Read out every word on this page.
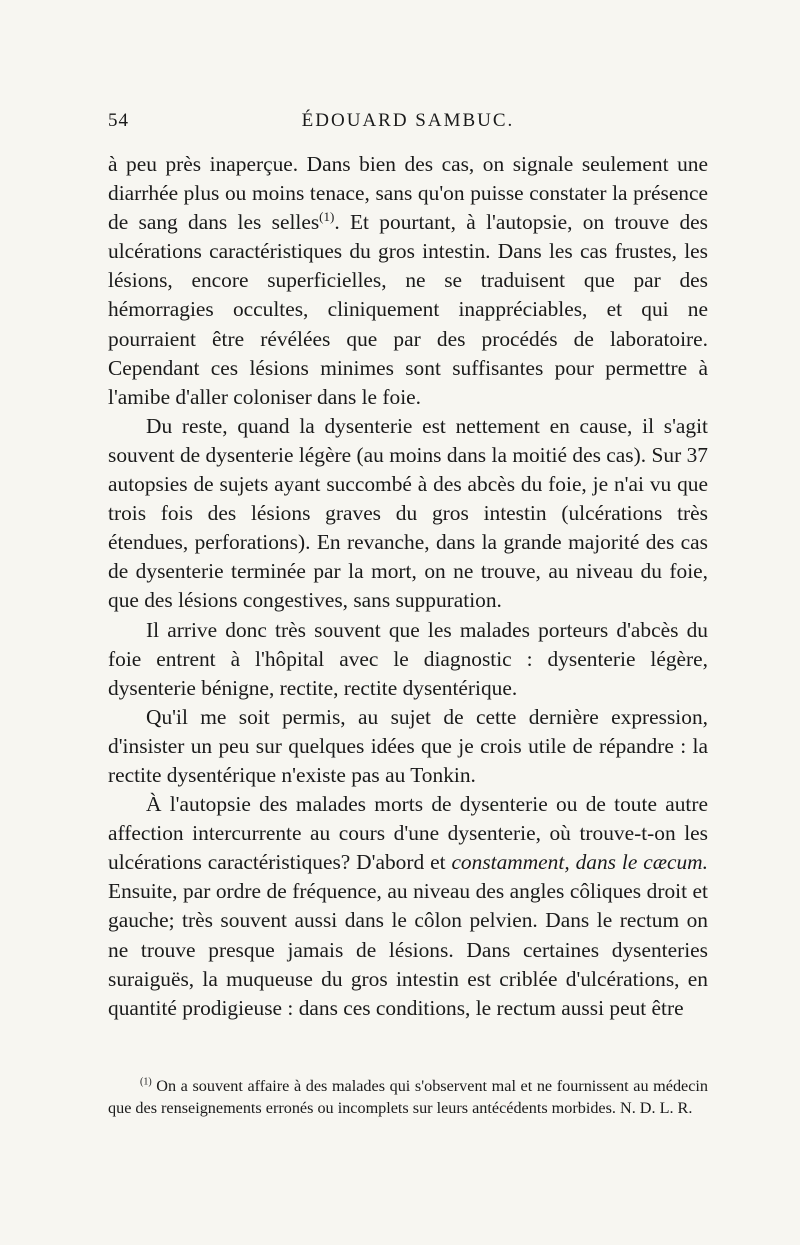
54	ÉDOUARD SAMBUC.

à peu près inaperçue. Dans bien des cas, on signale seulement une diarrhée plus ou moins tenace, sans qu'on puisse constater la présence de sang dans les selles$^{(1)}$. Et pourtant, à l'autopsie, on trouve des ulcérations caractéristiques du gros intestin. Dans les cas frustes, les lésions, encore superficielles, ne se traduisent que par des hémorragies occultes, cliniquement inappréciables, et qui ne pourraient être révélées que par des procédés de laboratoire. Cependant ces lésions minimes sont suffisantes pour permettre à l'amibe d'aller coloniser dans le foie.

Du reste, quand la dysenterie est nettement en cause, il s'agit souvent de dysenterie légère (au moins dans la moitié des cas). Sur 37 autopsies de sujets ayant succombé à des abcès du foie, je n'ai vu que trois fois des lésions graves du gros intestin (ulcérations très étendues, perforations). En revanche, dans la grande majorité des cas de dysenterie terminée par la mort, on ne trouve, au niveau du foie, que des lésions congestives, sans suppuration.

Il arrive donc très souvent que les malades porteurs d'abcès du foie entrent à l'hôpital avec le diagnostic : dysenterie légère, dysenterie bénigne, rectite, rectite dysentérique.

Qu'il me soit permis, au sujet de cette dernière expression, d'insister un peu sur quelques idées que je crois utile de répandre : la rectite dysentérique n'existe pas au Tonkin.

À l'autopsie des malades morts de dysenterie ou de toute autre affection intercurrente au cours d'une dysenterie, où trouve-t-on les ulcérations caractéristiques? D'abord et constamment, dans le cæcum. Ensuite, par ordre de fréquence, au niveau des angles côliques droit et gauche; très souvent aussi dans le côlon pelvien. Dans le rectum on ne trouve presque jamais de lésions. Dans certaines dysenteries suraiguës, la muqueuse du gros intestin est criblée d'ulcérations, en quantité prodigieuse : dans ces conditions, le rectum aussi peut être

$^{(1)}$ On a souvent affaire à des malades qui s'observent mal et ne fournissent au médecin que des renseignements erronés ou incomplets sur leurs antécédents morbides. N. D. L. R.
